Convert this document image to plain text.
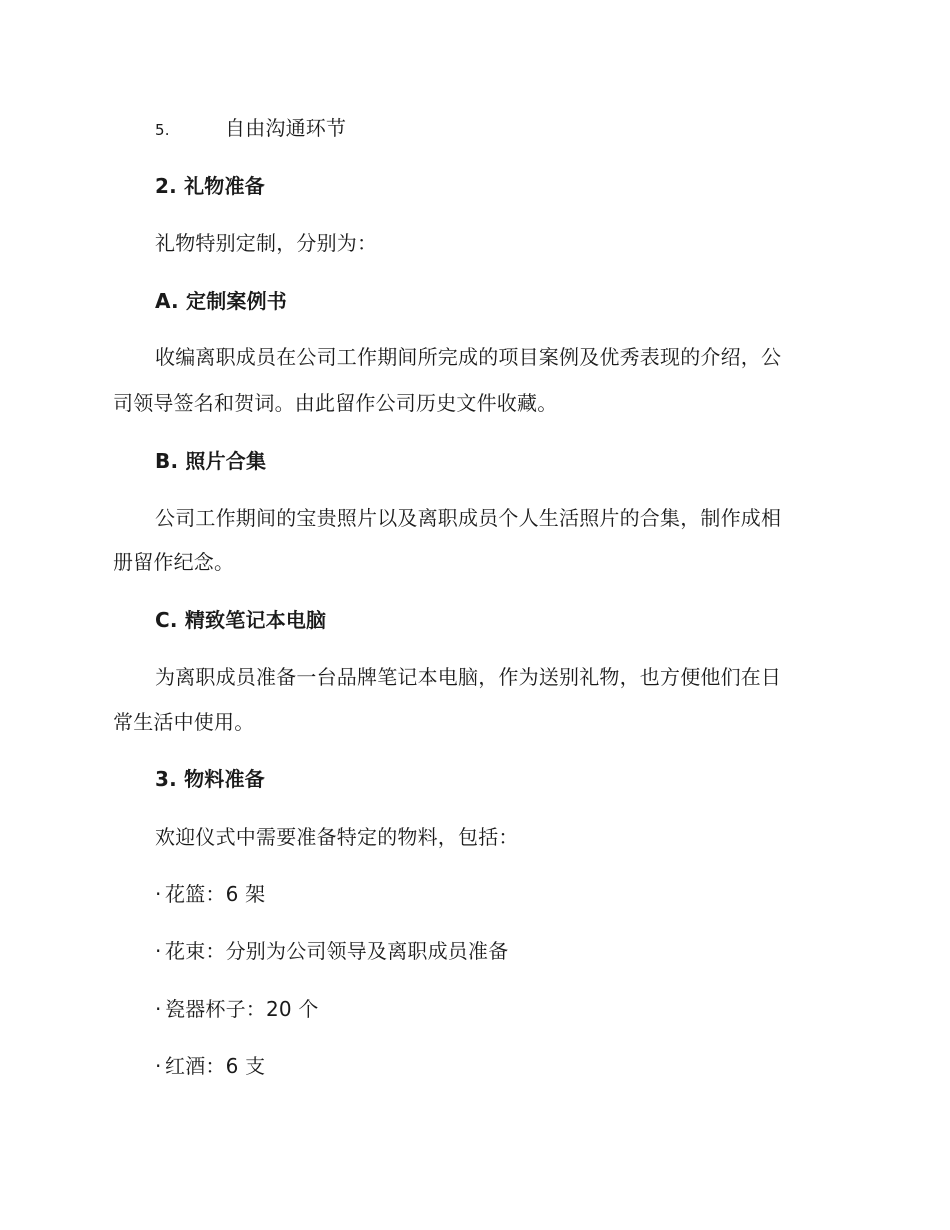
5.	自由沟通环节
2. 礼物准备
礼物特别定制，分别为：
A. 定制案例书
收编离职成员在公司工作期间所完成的项目案例及优秀表现的介绍，公
司领导签名和贺词。由此留作公司历史文件收藏。
B. 照片合集
公司工作期间的宝贵照片以及离职成员个人生活照片的合集，制作成相
册留作纪念。
C. 精致笔记本电脑
为离职成员准备一台品牌笔记本电脑，作为送别礼物，也方便他们在日
常生活中使用。
3. 物料准备
欢迎仪式中需要准备特定的物料，包括：
· 花篮：6 架
· 花束：分别为公司领导及离职成员准备
· 瓷器杯子：20 个
· 红酒：6 支
